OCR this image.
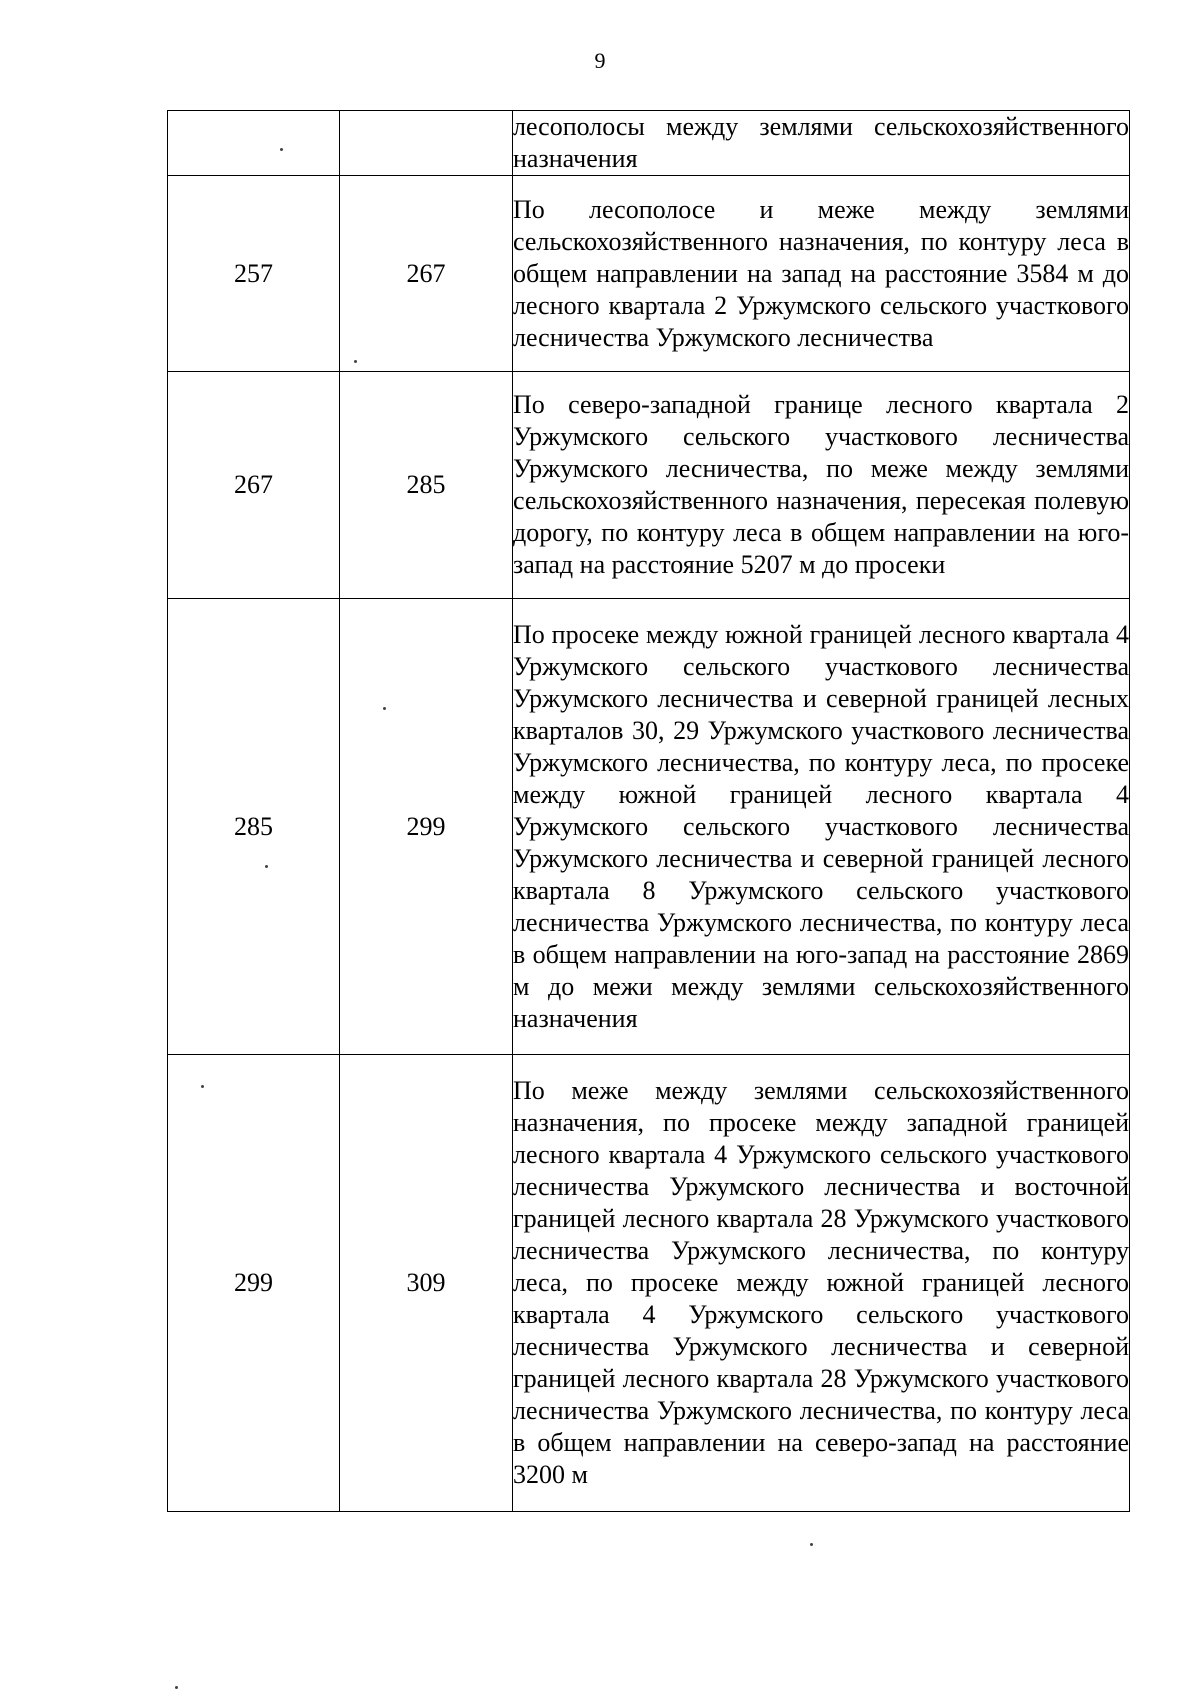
9
		лесополосы между землями сельскохозяйственного назначения
257	267	По лесополосе и меже между землями сельскохозяйственного назначения, по контуру леса в общем направлении на запад на расстояние 3584 м до лесного квартала 2 Уржумского сельского участкового лесничества Уржумского лесничества
267	285	По северо-западной границе лесного квартала 2 Уржумского сельского участкового лесничества Уржумского лесничества, по меже между землями сельскохозяйственного назначения, пересекая полевую дорогу, по контуру леса в общем направлении на юго-запад на расстояние 5207 м до просеки
285	299	По просеке между южной границей лесного квартала 4 Уржумского сельского участкового лесничества Уржумского лесничества и северной границей лесных кварталов 30, 29 Уржумского участкового лесничества Уржумского лесничества, по контуру леса, по просеке между южной границей лесного квартала 4 Уржумского сельского участкового лесничества Уржумского лесничества и северной границей лесного квартала 8 Уржумского сельского участкового лесничества Уржумского лесничества, по контуру леса в общем направлении на юго-запад на расстояние 2869 м до межи между землями сельскохозяйственного назначения
299	309	По меже между землями сельскохозяйственного назначения, по просеке между западной границей лесного квартала 4 Уржумского сельского участкового лесничества Уржумского лесничества и восточной границей лесного квартала 28 Уржумского участкового лесничества Уржумского лесничества, по контуру леса, по просеке между южной границей лесного квартала 4 Уржумского сельского участкового лесничества Уржумского лесничества и северной границей лесного квартала 28 Уржумского участкового лесничества Уржумского лесничества, по контуру леса в общем направлении на северо-запад на расстояние 3200 м
